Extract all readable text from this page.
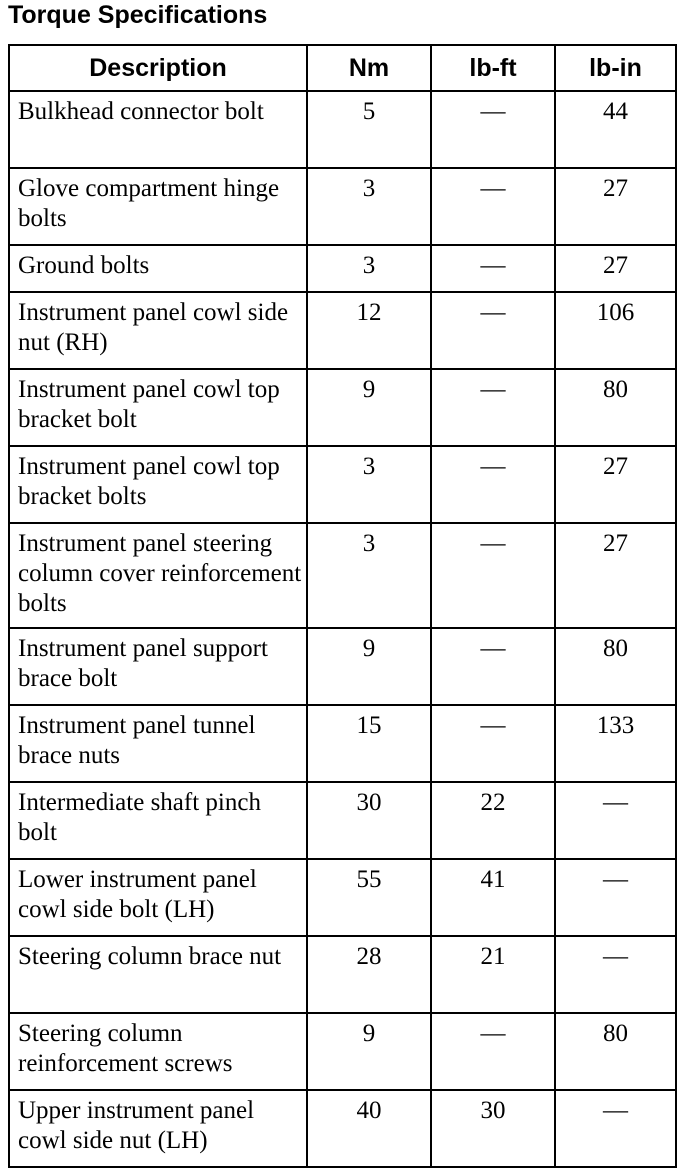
Torque Specifications
Description	Nm	lb-ft	lb-in
Bulkhead connector bolt	5	—	44
Glove compartment hinge bolts	3	—	27
Ground bolts	3	—	27
Instrument panel cowl side nut (RH)	12	—	106
Instrument panel cowl top bracket bolt	9	—	80
Instrument panel cowl top bracket bolts	3	—	27
Instrument panel steering column cover reinforcement bolts	3	—	27
Instrument panel support brace bolt	9	—	80
Instrument panel tunnel brace nuts	15	—	133
Intermediate shaft pinch bolt	30	22	—
Lower instrument panel cowl side bolt (LH)	55	41	—
Steering column brace nut	28	21	—
Steering column reinforcement screws	9	—	80
Upper instrument panel cowl side nut (LH)	40	30	—
